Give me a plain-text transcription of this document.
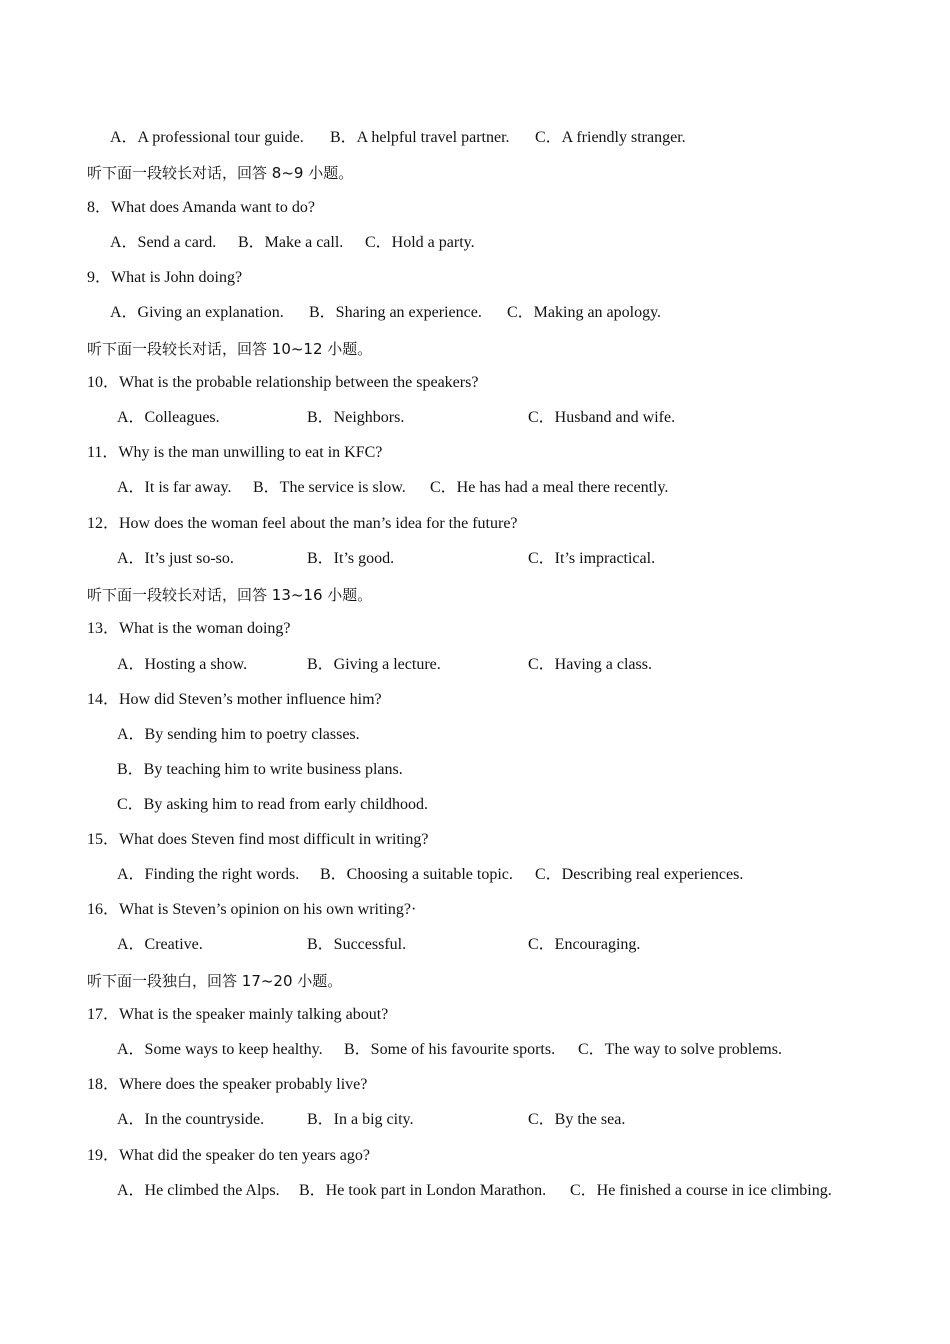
A．A professional tour guide. B．A helpful travel partner. C．A friendly stranger.
听下面一段较长对话，回答 8~9 小题。
8．What does Amanda want to do?
A．Send a card. B．Make a call. C．Hold a party.
9．What is John doing?
A．Giving an explanation. B．Sharing an experience. C．Making an apology.
听下面一段较长对话，回答 10~12 小题。
10．What is the probable relationship between the speakers?
A．Colleagues.	B．Neighbors.	C．Husband and wife.
11．Why is the man unwilling to eat in KFC?
A．It is far away. B．The service is slow. C．He has had a meal there recently.
12．How does the woman feel about the man’s idea for the future?
A．It’s just so-so.	B．It’s good.	C．It’s impractical.
听下面一段较长对话，回答 13~16 小题。
13．What is the woman doing?
A．Hosting a show.	B．Giving a lecture.	C．Having a class.
14．How did Steven’s mother influence him?
A．By sending him to poetry classes.
B．By teaching him to write business plans.
C．By asking him to read from early childhood.
15．What does Steven find most difficult in writing?
A．Finding the right words. B．Choosing a suitable topic. C．Describing real experiences.
16．What is Steven’s opinion on his own writing?·
A．Creative.	B．Successful.	C．Encouraging.
听下面一段独白，回答 17~20 小题。
17．What is the speaker mainly talking about?
A．Some ways to keep healthy. B．Some of his favourite sports. C．The way to solve problems.
18．Where does the speaker probably live?
A．In the countryside.	B．In a big city.	C．By the sea.
19．What did the speaker do ten years ago?
A．He climbed the Alps. B．He took part in London Marathon. C．He finished a course in ice climbing.
